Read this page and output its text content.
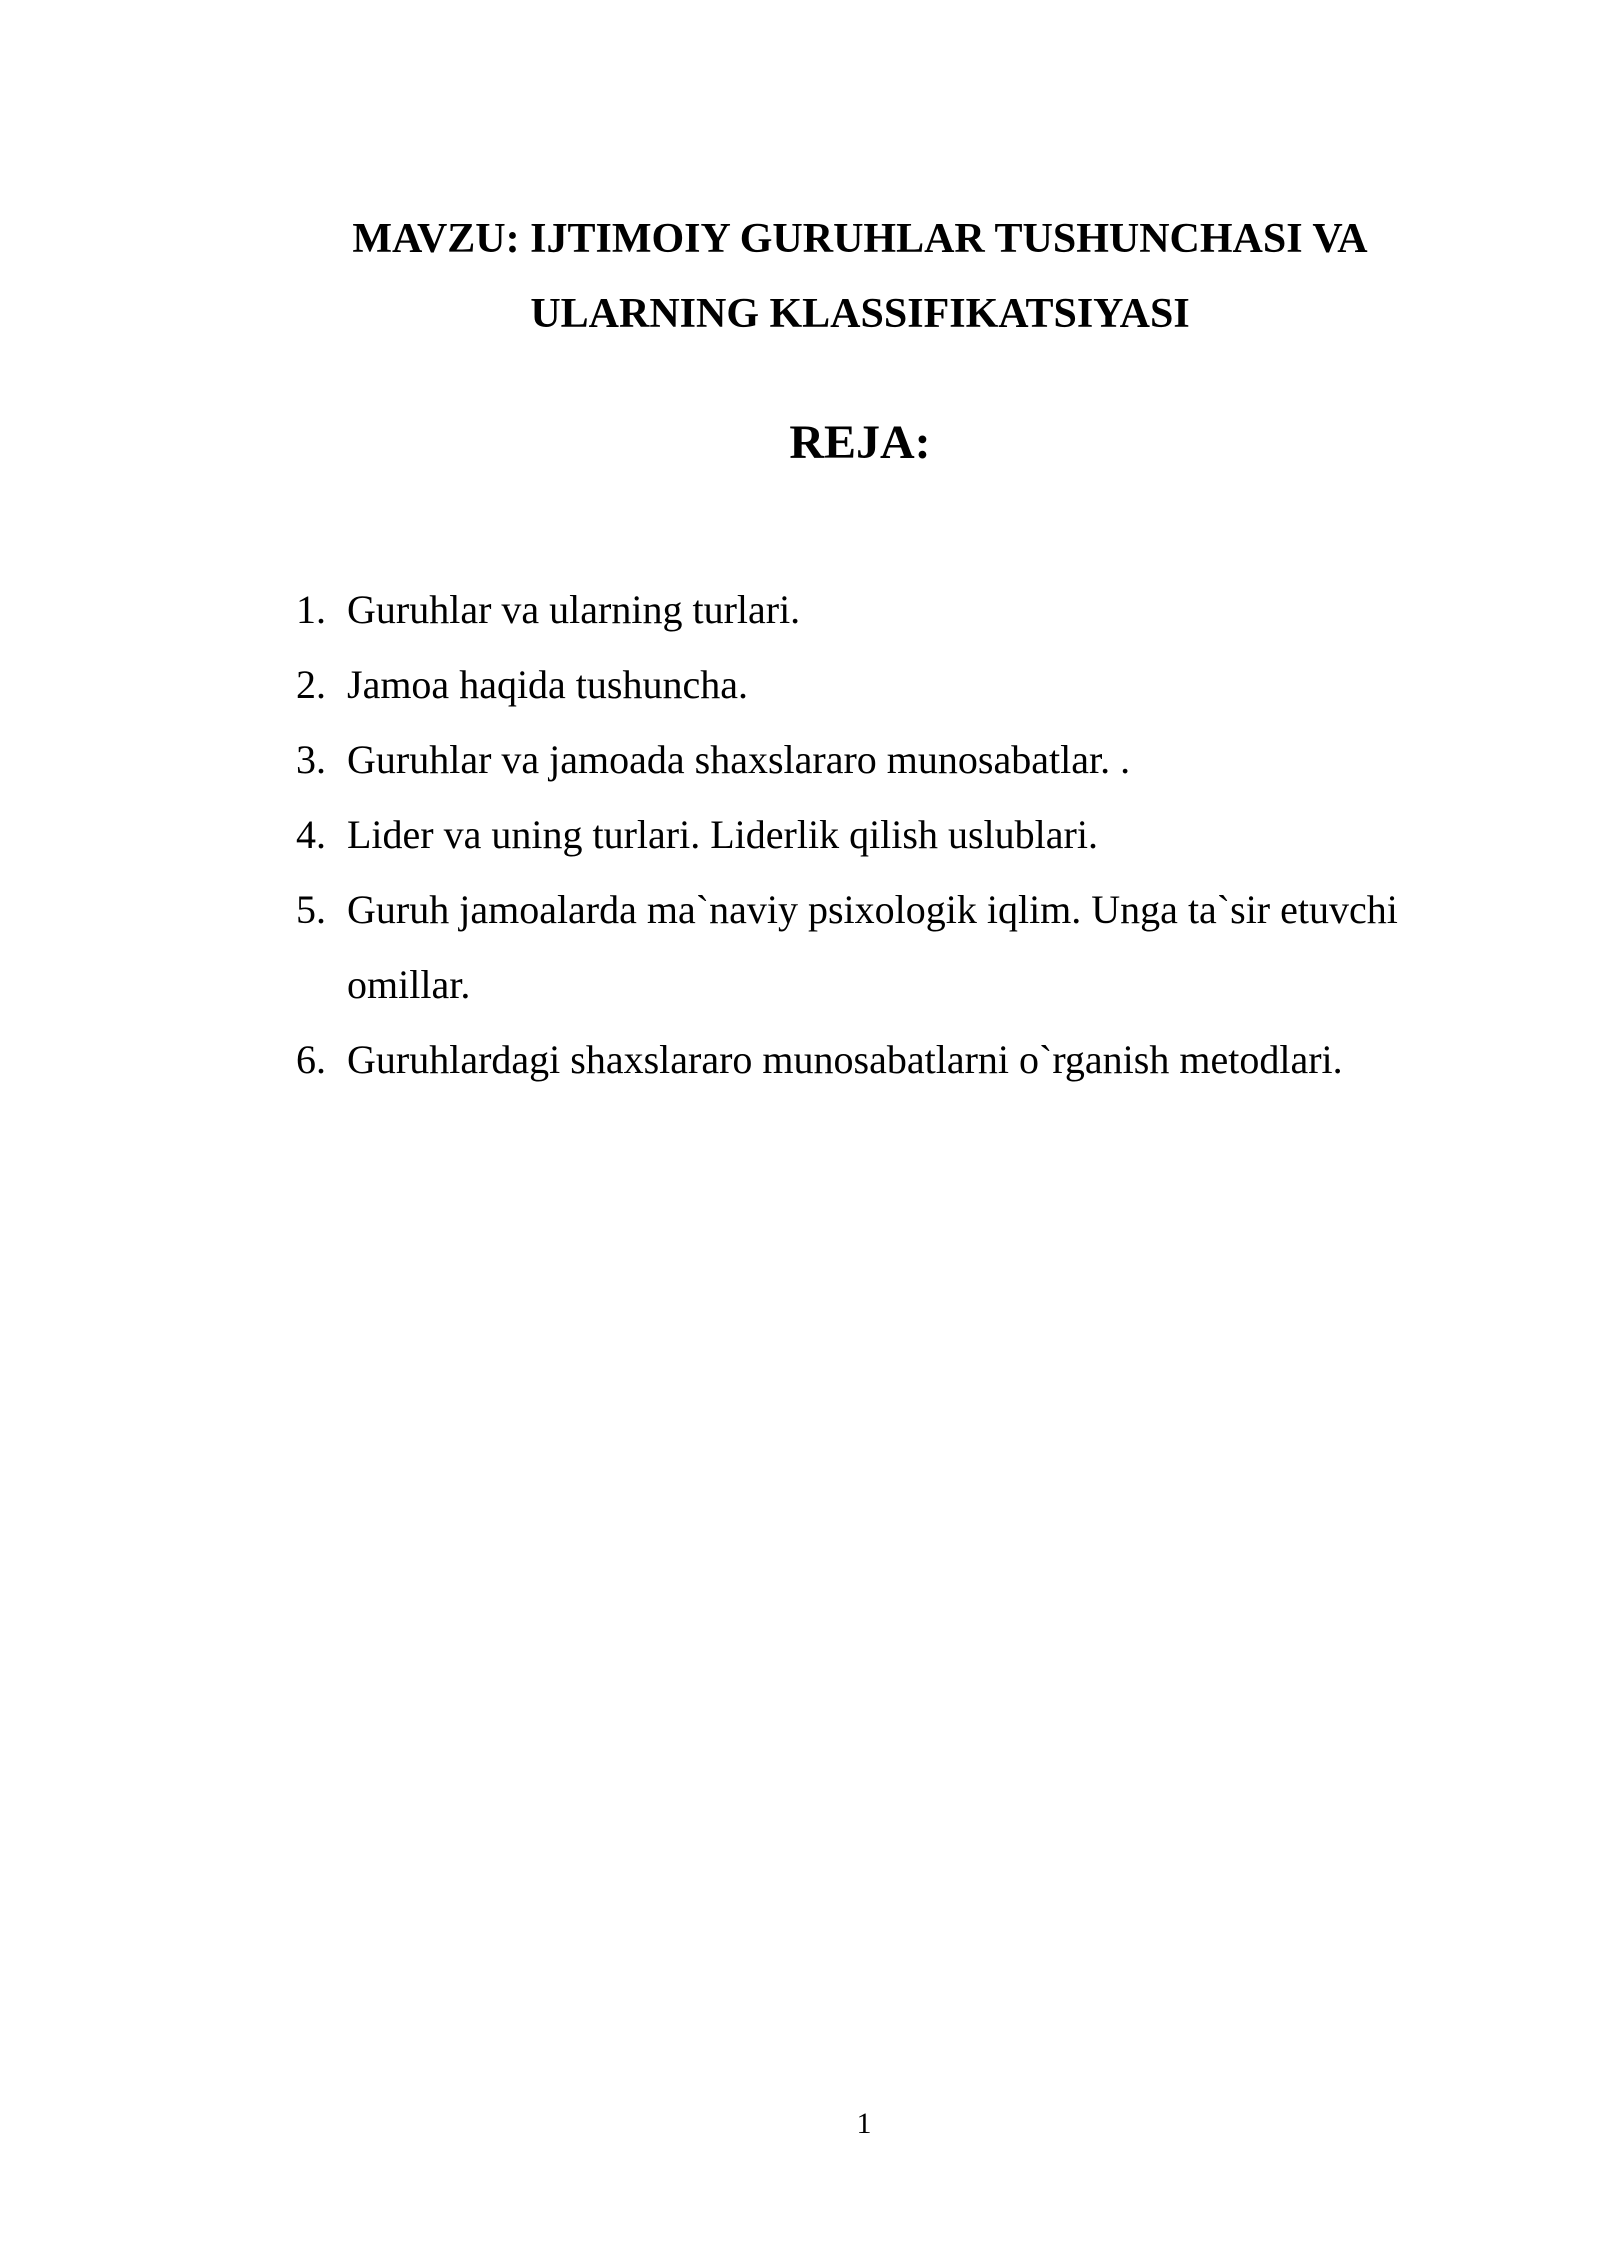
MAVZU: IJTIMOIY GURUHLAR TUSHUNCHASI VA
ULARNING KLASSIFIKATSIYASI
REJA:
1. Guruhlar va ularning turlari.
2. Jamoa haqida tushuncha.
3. Guruhlar va jamoada shaxslararo munosabatlar. .
4. Lider va uning turlari. Liderlik qilish uslublari.
5. Guruh jamoalarda ma`naviy psixologik iqlim. Unga ta`sir etuvchi omillar.
6. Guruhlardagi shaxslararo munosabatlarni o`rganish metodlari.
1
